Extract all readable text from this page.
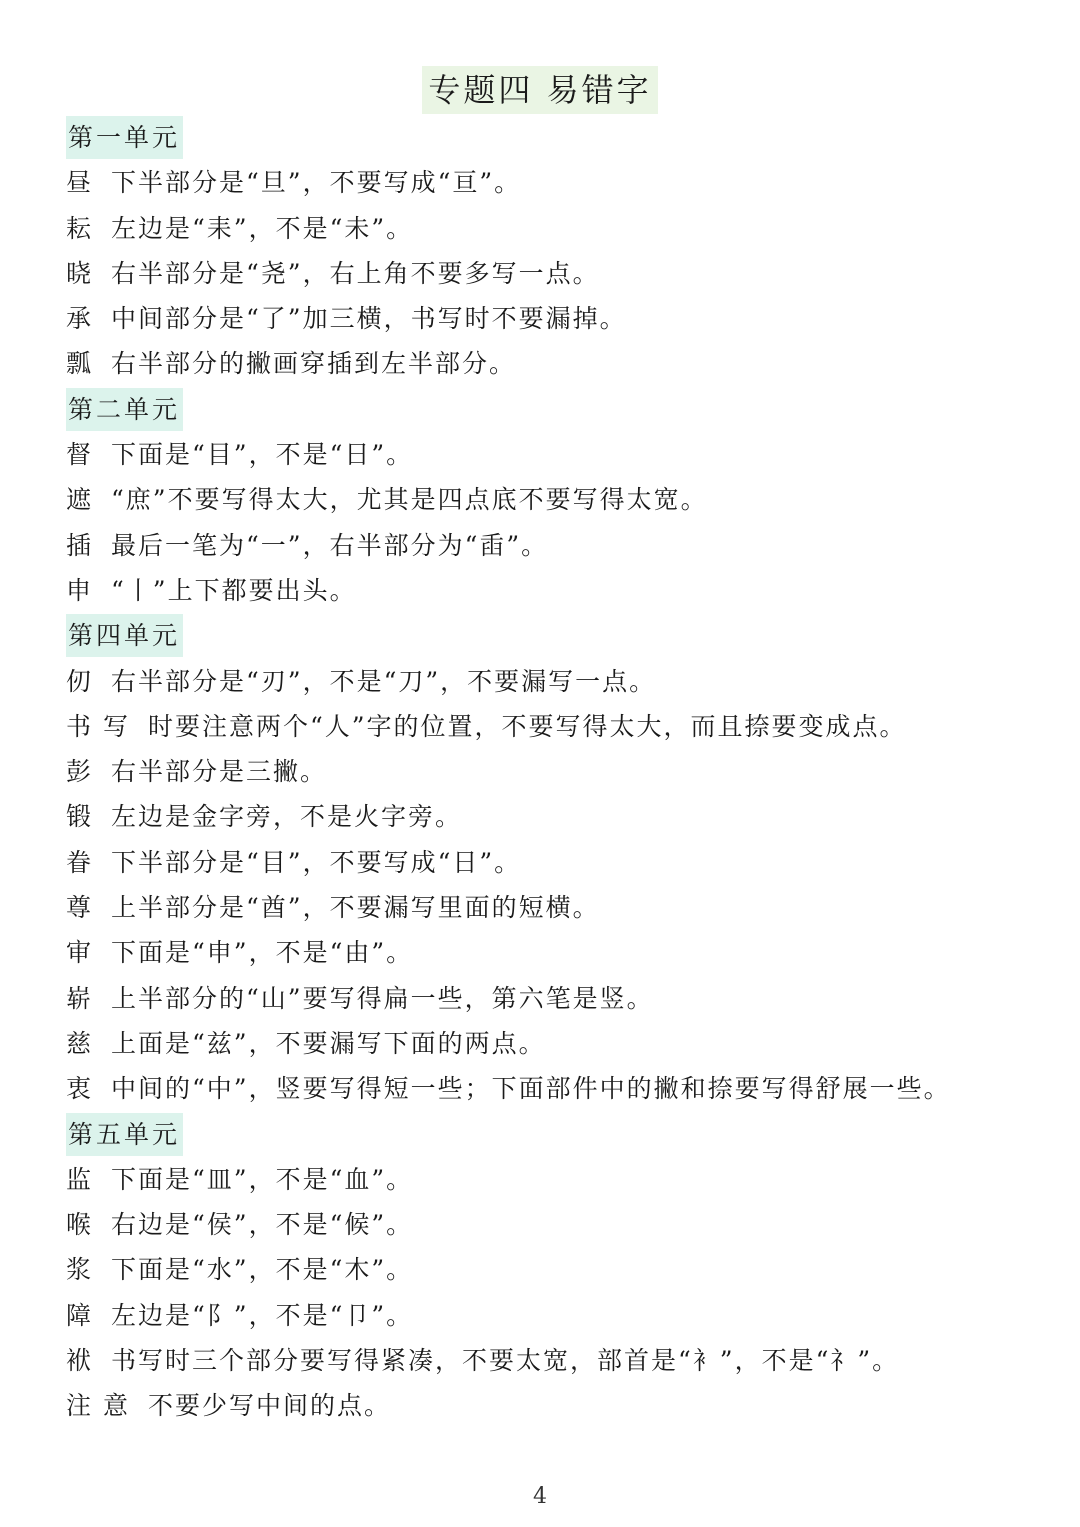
专题四 易错字
第一单元
昼 下半部分是“旦”，不要写成“亘”。
耘 左边是“耒”，不是“未”。
晓 右半部分是“尧”，右上角不要多写一点。
承 中间部分是“了”加三横，书写时不要漏掉。
瓢 右半部分的撇画穿插到左半部分。
第二单元
督 下面是“目”，不是“日”。
遮 “庶”不要写得太大，尤其是四点底不要写得太宽。
插 最后一笔为“一”，右半部分为“臿”。
申 “丨”上下都要出头。
第四单元
仞 右半部分是“刃”，不是“刀”，不要漏写一点。
书 写 时要注意两个“人”字的位置，不要写得太大，而且捺要变成点。
彭 右半部分是三撇。
锻 左边是金字旁，不是火字旁。
眷 下半部分是“目”，不要写成“日”。
尊 上半部分是“酋”，不要漏写里面的短横。
审 下面是“申”，不是“由”。
崭 上半部分的“山”要写得扁一些，第六笔是竖。
慈 上面是“兹”，不要漏写下面的两点。
衷 中间的“中”，竖要写得短一些；下面部件中的撇和捺要写得舒展一些。
第五单元
监 下面是“皿”，不是“血”。
喉 右边是“侯”，不是“候”。
浆 下面是“水”，不是“木”。
障 左边是“阝”，不是“卩”。
袱 书写时三个部分要写得紧凑，不要太宽，部首是“衤”，不是“礻”。
注 意 不要少写中间的点。
4
